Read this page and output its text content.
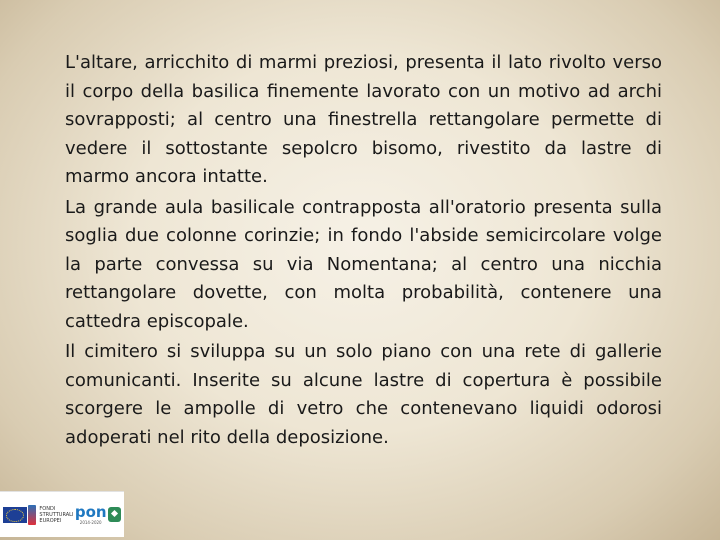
L'altare, arricchito di marmi preziosi, presenta il lato rivolto verso il corpo della basilica finemente lavorato con un motivo ad archi sovrapposti; al centro una finestrella rettangolare permette di vedere il sottostante sepolcro bisomo, rivestito da lastre di marmo ancora intatte.

La grande aula basilicale contrapposta all'oratorio presenta sulla soglia due colonne corinzie; in fondo l'abside semicircolare volge la parte convessa su via Nomentana; al centro una nicchia rettangolare dovette, con molta probabilità, contenere una cattedra episcopale.

Il cimitero si sviluppa su un solo piano con una rete di gallerie comunicanti. Inserite su alcune lastre di copertura è possibile scorgere le ampolle di vetro che contenevano liquidi odorosi adoperati nel rito della deposizione.

FONDI
STRUTTURALI
EUROPEI pon
2014-2020
